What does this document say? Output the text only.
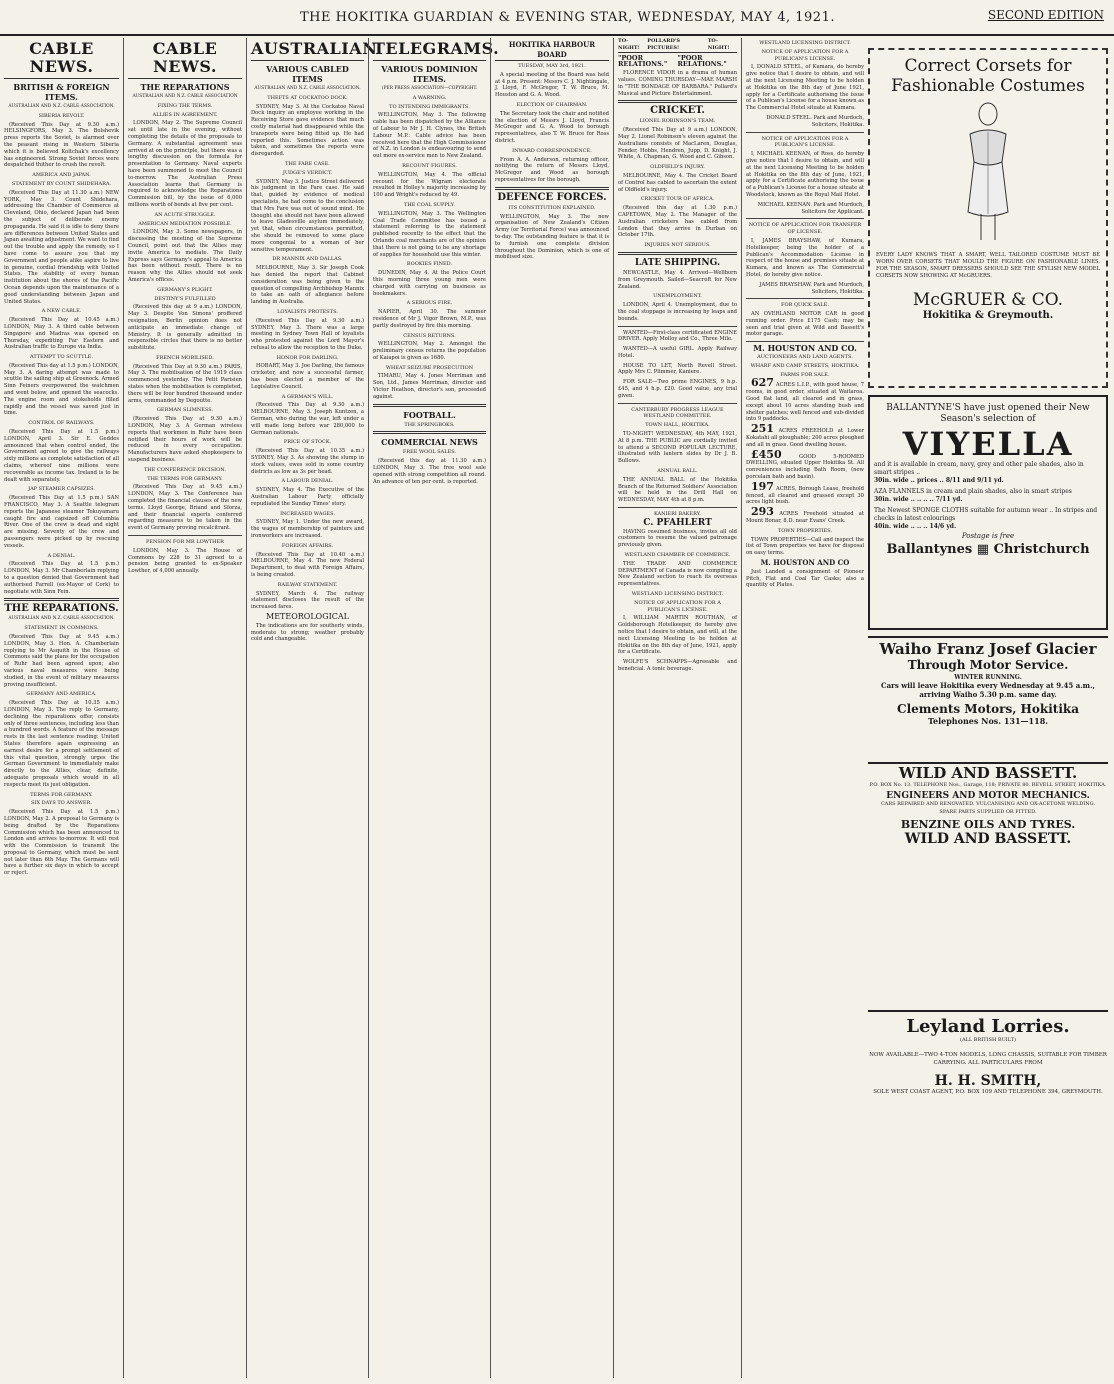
THE HOKITIKA GUARDIAN & EVENING STAR, WEDNESDAY, MAY 4, 1921.	SECOND EDITION
CABLE NEWS.
BRITISH & FOREIGN ITEMS.
AUSTRALIAN AND N.Z. CABLE ASSOCIATION.
SIBERIA REVOLT.

(Received This Day at 9.30 a.m.) HELSINGFORS, May 3. The Bolshevik press reports the Soviet, is alarmed over the peasant rising in Western Siberia which it is believed Koltchak's excellency has engineered. Strong Soviet forces were despatched thither to crush the revolt.

AMERICA AND JAPAN.
STATEMENT BY COUNT SHIDEHARA.

(Received This Day at 11.30 a.m.) NEW YORK, May 3. Count Shidehara, addressing the Chamber of Commerce at Cleveland, Ohio, declared Japan had been the subject of deliberate enemy propaganda. He said it is idle to deny there are differences between United States and Japan awaiting adjustment. We want to find out the trouble and apply the remedy, so I have come to assure you that my Government and people alike aspire to live in genuine, cordial friendship with United States. The stability of every human institution about the shores of the Pacific Ocean depends upon the maintenance of a good understanding between Japan and United States.

A NEW CABLE.

(Received This Day at 10.45 a.m.) LONDON, May 3. A third cable between Singapore and Madras was opened on Thursday, expediting Far Eastern and Australian traffic to Europe via India.

ATTEMPT TO SCUTTLE.

(Received This day at 1.5 p.m.) LONDON, May 3. A daring attempt was made to scuttle the sailing ship at Greenock. Armed Sinn Feiners overpowered the watchmen and went below, and opened the seacocks. The engine room and stokeholds filled rapidly and the vessel was saved just in time.

CONTROL OF RAILWAYS.

(Received This Day at 1.5 p.m.) LONDON, April 3. Sir E. Geddes announced that when control ended, the Government agreed to give the railways sixty millions as complete satisfaction of all claims, whereof nine millions were recoverable as income tax. Ireland is to be dealt with separately.

JAP STEAMER CAPSIZES.

(Received This Day at 1.5 p.m.) SAN FRANCISCO, May 3. A Seattle telegram reports the Japanese steamer Tokuyamaru caught fire and capsized off Columbia River. One of the crew is dead and eight are missing. Seventy of the crew and passengers were picked up by rescuing vessels.

A DENIAL.

(Received This Day at 1.5 p.m.) LONDON, May 3. Mr Chamberlain replying to a question denied that Government had authorised Farrell (ex-Mayor of Cork) to negotiate with Sinn Fein.

THE REPARATIONS.
AUSTRALIAN AND N.Z. CABLE ASSOCIATION.
STATEMENT IN COMMONS.

(Received This Day at 9.45 a.m.) LONDON, May 3. Hon. A. Chamberlain replying to Mr Asquith in the House of Commons said the plans for the occupation of Ruhr had been agreed upon; also various naval measures were being studied, in the event of military measures proving insufficient.

GERMANY AND AMERICA.

(Received This Day at 10.35 a.m.) LONDON, May 3. The reply to Germany, declining the reparations offer, consists only of three sentences, including less than a hundred words. A feature of the message rests in the last sentence reading: United States therefore again expressing an earnest desire for a prompt settlement of this vital question, strongly urges the German Government to immediately make directly to the Allies, clear, definite, adequate proposals which would in all respects meet its just obligation.

TERMS FOR GERMANY.
SIX DAYS TO ANSWER.

(Received This Day at 1.5 p.m.) LONDON, May 2. A proposal to Germany is being drafted by the Reparations Commission which has been announced to London and arrives to-morrow. It will rest with the Commission to transmit the proposal to Germany, which must be sent not later than 6th May. The Germans will have a further six days in which to accept or reject.

CABLE NEWS.
THE REPARATIONS
AUSTRALIAN AND N.Z. CABLE ASSOCIATION
FIXING THE TERMS.
ALLIES IN AGREEMENT.

LONDON, May 2. The Supreme Council sat until late in the evening, without completing the details of the proposals to Germany. A substantial agreement was arrived at on the principle, but there was a lengthy discussion on the formula for presentation to Germany. Naval experts have been summoned to meet the Council to-morrow. The Australian Press Association learns that Germany is required to acknowledge the Reparations Commission bill, by the issue of 6,000 millions worth of bonds at five per cent.

AN ACUTE STRUGGLE.
AMERICAN MEDIATION POSSIBLE.

LONDON, May 3. Some newspapers, in discussing the meeting of the Supreme Council, point out that the Allies may invite America to mediate. The Daily Express says Germany's appeal to America has been without result. There is no reason why the Allies should not seek America's offices.

GERMANY'S PLIGHT.
DESTINY'S FULFILLED

(Received this day at 9 a.m.) LONDON, May 3. Despite Von Simons' proffered resignation, Berlin opinion does not anticipate an immediate change of Ministry. It is generally admitted in responsible circles that there is no better substitute.

FRENCH MOBILISED.

(Received This Day at 9.30 a.m.) PARIS, May 3. The mobilisation of the 1919 class commenced yesterday. The Petit Parisien states when the mobilisation is completed, there will be four hundred thousand under arms, commanded by Degoutte.

GERMAN SLIMNESS.

(Received This Day at 9.30 a.m.) LONDON, May 3. A German wireless reports that workmen in Ruhr have been notified their hours of work will be reduced in every occupation. Manufacturers have asked shopkeepers to suspend business.

THE CONFERENCE DECISION.
THE TERMS FOR GERMANY.

(Received This Day at 9.45 a.m.) LONDON, May 3. The Conference has completed the financial clauses of the new terms. Lloyd George, Briand and Sforza, and their financial experts conferred regarding measures to be taken in the event of Germany proving recalcitrant.

PENSION FOR MR LOWTHER

LONDON, May 3. The House of Commons by 228 to 31 agreed to a pension being granted to ex-Speaker Lowther, of 4,000 annually.

AUSTRALIAN.
VARIOUS CABLED ITEMS
AUSTRALIAN AND N.Z. CABLE ASSOCIATION.
THEFTS AT COCKATOO DOCK.

SYDNEY, May 3. At the Cockatoo Naval Dock inquiry an employee working in the Receiving Store gave evidence that much costly material had disappeared while the transports were being fitted up. He had reported this. Sometimes action was taken, and sometimes the reports were disregarded.

THE FARE CASE.
JUDGE'S VERDICT.

SYDNEY, May 3. Justice Street delivered his judgment in the Fare case. He said that, guided by evidence of medical specialists, he had come to the conclusion that Mrs Fare was not of sound mind. He thought she should not have been allowed to leave Gladesville asylum immediately, yet that, when circumstances permitted, she should be removed to some place more congenial to a woman of her sensitive temperament.

DR MANNIX AND DALLAS.

MELBOURNE, May 3. Sir Joseph Cook has denied the report that Cabinet consideration was being given to the question of compelling Archbishop Mannix to take an oath of allegiance before landing in Australia.

LOYALISTS PROTESTS.

(Received This Day at 9.30 a.m.) SYDNEY, May 3. There was a large meeting in Sydney Town Hall of loyalists who protested against the Lord Mayor's refusal to allow the reception to the Duke.

HONOR FOR DARLING.

HOBART, May 3. Joe Darling, the famous cricketer, and now a successful farmer, has been elected a member of the Legislative Council.

A GERMAN'S WILL.

(Received This Day at 9.30 a.m.) MELBOURNE, May 3. Joseph Kuntzen, a German, who during the war, left under a will made long before war 280,000 to German nationals.

PRICE OF STOCK.

(Received This Day at 10.35 a.m.) SYDNEY, May 3. As showing the slump in stock values, ewes sold in some country districts as low as 3s per head.

A LABOUR DENIAL.

SYDNEY, May 4. The Executive of the Australian Labour Party officially repudiated the Sunday Times' story.

INCREASED WAGES.

SYDNEY, May 1. Under the new award, the wages of membership of painters and ironworkers are increased.

FOREIGN AFFAIRS.

(Received This Day at 10.40 a.m.) MELBOURNE, May 4. The new Federal Department, to deal with Foreign Affairs, is being created.

RAILWAY STATEMENT.

SYDNEY, March 4. The railway statement discloses the result of the increased fares.

METEOROLOGICAL

The indications are for southerly winds, moderate to strong; weather probably cold and changeable.

TELEGRAMS.
VARIOUS DOMINION ITEMS.
(PER PRESS ASSOCIATION—COPYRIGHT.
A WARNING.
TO INTENDING IMMIGRANTS.

WELLINGTON, May 3. The following cable has been dispatched by the Alliance of Labour to Mr J. H. Clynes, the British Labour M.P.: Cable advice has been received here that the High Commissioner of N.Z. in London is endeavouring to send out more ex-service men to New Zealand.

RECOUNT FIGURES.

WELLINGTON, May 4. The official recount for the Wigram electorate resulted in Holley's majority increasing by 100 and Wright's reduced by 49.

THE COAL SUPPLY.

WELLINGTON, May 3. The Wellington Coal Trade Committee has issued a statement referring to the statement published recently to the effect that the Orlando coal merchants are of the opinion that there is not going to be any shortage of supplies for household use this winter.

BOOKIES FINED.

DUNEDIN, May 4. At the Police Court this morning three young men were charged with carrying on business as bookmakers.

A SERIOUS FIRE.

NAPIER, April 30. The summer residence of Mr J. Vigor Brown, M.P., was partly destroyed by fire this morning.

CENSUS RETURNS.

WELLINGTON, May 2. Amongst the preliminary census returns the population of Kaiapoi is given as 1680.

WHEAT SEIZURE PROSECUTION

TIMARU, May 4. Jones Merriman and Son, Ltd., James Merriman, director and Victor Heathon, director's son, proceeded against.

FOOTBALL.
THE SPRINGBOKS.
COMMERCIAL NEWS
FREE WOOL SALES.

(Received this day at 11.30 a.m.) LONDON, May 3. The free wool sale opened with strong competition all round. An advance of ten per cent. is reported.

HOKITIKA HARBOUR BOARD
TUESDAY, MAY 3rd, 1921.

A special meeting of the Board was held at 4 p.m. Present: Messrs C. J. Nightingale, J. Lloyd, F. McGregor, T. W. Bruce, M. Houston and G. A. Wood.

ELECTION OF CHAIRMAN.

The Secretary took the chair and notified the election of Messrs J. Lloyd, Francis McGregor and G. A. Wood to borough representatives, also T. W. Bruce for Ross district.

INWARD CORRESPONDENCE.

From A. A. Anderson, returning officer, notifying the return of Messrs Lloyd, McGregor and Wood as borough representatives for the borough.

DEFENCE FORCES.
ITS CONSTITUTION EXPLAINED.

WELLINGTON, May 3. The new organisation of New Zealand's Citizen Army (or Territorial Force) was announced to-day. The outstanding feature is that it is to furnish one complete division throughout the Dominion, which is one of mobilised size.

TO-NIGHT!
POLLARD'S PICTURES!
TO-NIGHT!
"POOR RELATIONS."
"POOR RELATIONS."

FLORENCE VIDOR in a drama of human values. COMING THURSDAY—MAE MARSH in "THE BONDAGE OF BARBARA." Pollard's Musical and Picture Entertainment.

CRICKET.
LIONEL ROBINSON'S TEAM.

(Received This Day at 9 a.m.) LONDON, May 2. Lionel Robinson's eleven against the Australians consists of MacLaren, Douglas, Fender, Hobbs, Hendren, Jupp, D. Knight, J. White, A. Chapman, G. Wood and C. Gibson.

OLDFIELD'S INJURY.

MELBOURNE, May 4. The Cricket Board of Control has cabled to ascertain the extent of Oldfield's injury.

CRICKET TOUR OF AFRICA.

(Received this day at 1.30 p.m.) CAPETOWN, May 2. The Manager of the Australian cricketers has cabled from London that they arrive in Durban on October 17th.

INJURIES NOT SERIOUS.
LATE SHIPPING.

NEWCASTLE, May 4. Arrived—Wellborn from Greymouth. Sailed—Seacroft for New Zealand.

UNEMPLOYMENT.

LONDON, April 4. Unemployment, due to the coal stoppage is increasing by leaps and bounds.

WANTED—First-class certificated ENGINE DRIVER. Apply Molloy and Co., Three Mile.

WANTED—A useful GIRL. Apply Railway Hotel.

HOUSE TO LET, North Revell Street. Apply Mrs C. Plimmer, Kaniere.

FOR SALE—Two prime ENGINES, 9 h.p. £45, and 4 h.p. £20. Good value, any trial given.

CANTERBURY PROGRESS LEAGUE WESTLAND COMMITTEE.
TOWN HALL, HOKITIKA.

TO-NIGHT! WEDNESDAY, 4th MAY, 1921, At 8 p.m. THE PUBLIC are cordially invited to attend a SECOND POPULAR LECTURE, illustrated with lantern slides by Dr J. B. Bullows.

ANNUAL BALL.

THE ANNUAL BALL of the Hokitika Branch of the Returned Soldiers' Association will be held in the Drill Hall on WEDNESDAY, MAY 4th at 8 p.m.

KANIERI BAKERY.
C. PFAHLERT

HAVING resumed business, invites all old customers to resume the valued patronage previously given.

WESTLAND CHAMBER OF COMMERCE.

THE TRADE AND COMMERCE DEPARTMENT of Canada is now compiling a New Zealand section to reach its overseas representatives.

WESTLAND LICENSING DISTRICT.
NOTICE OF APPLICATION FOR A PUBLICAN'S LICENSE.

I, WILLIAM MARTIN ROUTHAN, of Goldsborough Hotelkeeper, do hereby give notice that I desire to obtain, and will, at the next Licensing Meeting to be holden at Hokitika on the 8th day of June, 1921, apply for a Certificate.

WOLFE'S SCHNAPPS—Agreeable and beneficial. A tonic beverage.

WESTLAND LICENSING DISTRICT.
NOTICE OF APPLICATION FOR A PUBLICAN'S LICENSE.

I, DONALD STEEL, of Kumara, do hereby give notice that I desire to obtain, and will at the next Licensing Meeting to be holden at Hokitika on the 8th day of June 1921, apply for a Certificate authorising the issue of a Publican's License for a house known as The Commercial Hotel situate at Kumara.

DONALD STEEL. Park and Murdoch, Solicitors, Hokitika.

NOTICE OF APPLICATION FOR A PUBLICAN'S LICENSE.

I, MICHAEL KEENAN, of Ross, do hereby give notice that I desire to obtain, and will at the next Licensing Meeting to be holden at Hokitika on the 8th day of June, 1921, apply for a Certificate authorising the issue of a Publican's License for a house situate at Woodstock, known as the Royal Mail Hotel.

MICHAEL KEENAN. Park and Murdoch, Solicitors for Applicant.

NOTICE OF APPLICATION FOR TRANSFER OF LICENSE.

I, JAMES BRAYSHAW, of Kumara, Hotelkeeper, being the holder of a Publican's Accommodation License in respect of the house and premises situate at Kumara, and known as The Commercial Hotel, do hereby give notice.

JAMES BRAYSHAW. Park and Murdoch, Solicitors, Hokitika.

FOR QUICK SALE.

AN OVERLAND MOTOR CAR in good running order. Price £175 Cash; may be seen and trial given at Wild and Bassett's motor garage.

M. HOUSTON AND CO.
AUCTIONEERS AND LAND AGENTS.
WHARF AND CAMP STREETS, HOKITIKA.
FARMS FOR SALE.

627 ACRES L.I.P., with good house, 7 rooms, in good order, situated at Waitaroa. Good flat land, all cleared and in grass, except about 10 acres standing bush and shelter patches; well fenced and sub-divided into 9 paddocks.

251 ACRES FREEHOLD at Lower Kokatahi all ploughable; 200 acres ploughed and all in grass. Good dwelling house.

£450	GOOD 5-ROOMED DWELLING, situated Upper Hokitika St. All conveniences including Bath Room, (new porcelain bath and basin).

197 ACRES, Borough Lease, freehold fenced, all cleared and grassed except 30 acres light bush.

293 ACRES Freehold situated at Mount Bonar, 8.D. near Evans' Creek.

TOWN PROPERTIES.

TOWN PROPERTIES—Call and inspect the list of Town properties we have for disposal on easy terms.

M. HOUSTON AND CO

Just Landed a consignment of Pioneer Pitch, Flat and Coal Tar Casks; also a quantity of Plates.

Correct Corsets for Fashionable Costumes
EVERY LADY KNOWS THAT A SMART, WELL TAILORED COSTUME MUST BE WORN OVER CORSETS THAT MOULD THE FIGURE ON FASHIONABLE LINES. FOR THE SEASON, SMART DRESSERS SHOULD SEE THE STYLISH NEW MODEL CORSETS NOW SHOWING AT McGRUERS.
McGRUER & CO.
Hokitika & Greymouth.
BALLANTYNE'S have just opened their New Season's selection of
VIYELLA
and it is available in cream, navy, grey and other pale shades, also in smart stripes ..
30in. wide .. prices .. 8/11 and 9/11 yd.
AZA FLANNELS in cream and plain shades, also in smart stripes
30in. wide .. .. .. .. 7/11 yd.
The Newest SPONGE CLOTHS suitable for autumn wear .. In stripes and checks in latest colourings
40in. wide .. .. .. 14/6 yd.
Postage is free
Ballantynes ▦ Christchurch
Waiho Franz Josef Glacier
Through Motor Service.
WINTER RUNNING.
Cars will leave Hokitika every Wednesday at 9.45 a.m., arriving Waiho 5.30 p.m. same day.
Clements Motors, Hokitika
Telephones Nos. 131—118.
WILD AND BASSETT.
P.O. BOX No. 13. TELEPHONE Nos., Garage, 118; PRIVATE 80. REVELL STREET, HOKITIKA.
ENGINEERS AND MOTOR MECHANICS.
CARS REPAIRED AND RENOVATED. VULCANISING AND OX-ACETONE WELDING.
SPARE PARTS SUPPLIED OR FITTED.
BENZINE OILS AND TYRES.
WILD AND BASSETT.
Leyland Lorries.
(ALL BRITISH BUILT)
NOW AVAILABLE—TWO 4-TON MODELS, LONG CHASSIS, SUITABLE FOR TIMBER CARRYING. ALL PARTICULARS FROM
H. H. SMITH,
SOLE WEST COAST AGENT, P.O. BOX 109 AND TELEPHONE 394, GREYMOUTH.
